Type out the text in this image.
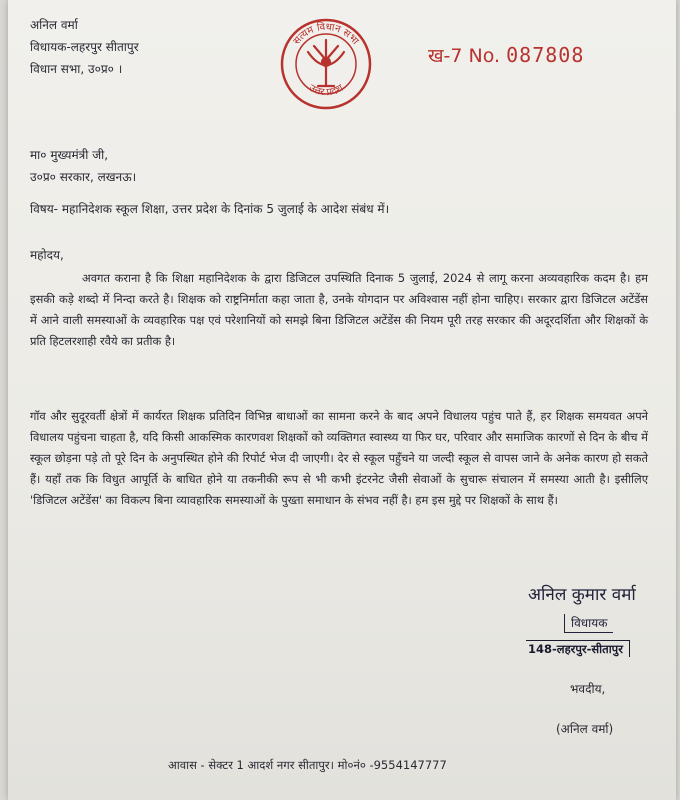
अनिल वर्मा
विधायक-लहरपुर सीतापुर
विधान सभा, उ०प्र० ।
सत्यम विधान सभा
उत्तर प्रदेश
ख-7 No. 087808
मा० मुख्यमंत्री जी,
उ०प्र० सरकार, लखनऊ।
विषय- महानिदेशक स्कूल शिक्षा, उत्तर प्रदेश के दिनांक 5 जुलाई के आदेश संबंध में।
महोदय,
अवगत कराना है कि शिक्षा महानिदेशक के द्वारा डिजिटल उपस्थिति दिनाक 5 जुलाई, 2024 से लागू करना अव्यवहारिक कदम है। हम इसकी कड़े शब्दो में निन्दा करते है। शिक्षक को राष्ट्रनिर्माता कहा जाता है, उनके योगदान पर अविश्वास नहीं होना चाहिए। सरकार द्वारा डिजिटल अटेंडेंस में आने वाली समस्याओं के व्यवहारिक पक्ष एवं परेशानियों को समझे बिना डिजिटल अटेंडेंस की नियम पूरी तरह सरकार की अदूरदर्शिता और शिक्षकों के प्रति हिटलरशाही रवैये का प्रतीक है।
गॉव और सुदूरवर्ती क्षेत्रों में कार्यरत शिक्षक प्रतिदिन विभिन्न बाधाओं का सामना करने के बाद अपने विधालय पहुंच पाते हैं, हर शिक्षक समयवत अपने विधालय पहुंचना चाहता है, यदि किसी आकस्मिक कारणवश शिक्षकों को व्यक्तिगत स्वास्थ्य या फिर घर, परिवार और समाजिक कारणों से दिन के बीच में स्कूल छोड़ना पड़े तो पूरे दिन के अनुपस्थित होने की रिपोर्ट भेज दी जाएगी। देर से स्कूल पहुँचने या जल्दी स्कूल से वापस जाने के अनेक कारण हो सकते हैं। यहाँ तक कि विधुत आपूर्ति के बाधित होने या तकनीकी रूप से भी कभी इंटरनेट जैसी सेवाओं के सुचारू संचालन में समस्या आती है। इसीलिए 'डिजिटल अटेंडेंस' का विकल्प बिना व्यावहारिक समस्याओं के पुख्ता समाधान के संभव नहीं है। हम इस मुद्दे पर शिक्षकों के साथ हैं।
अनिल कुमार वर्मा
विधायक
148-लहरपुर-सीतापुर
भवदीय,
(अनिल वर्मा)
आवास - सेक्टर 1 आदर्श नगर सीतापुर। मो०नं० -9554147777
